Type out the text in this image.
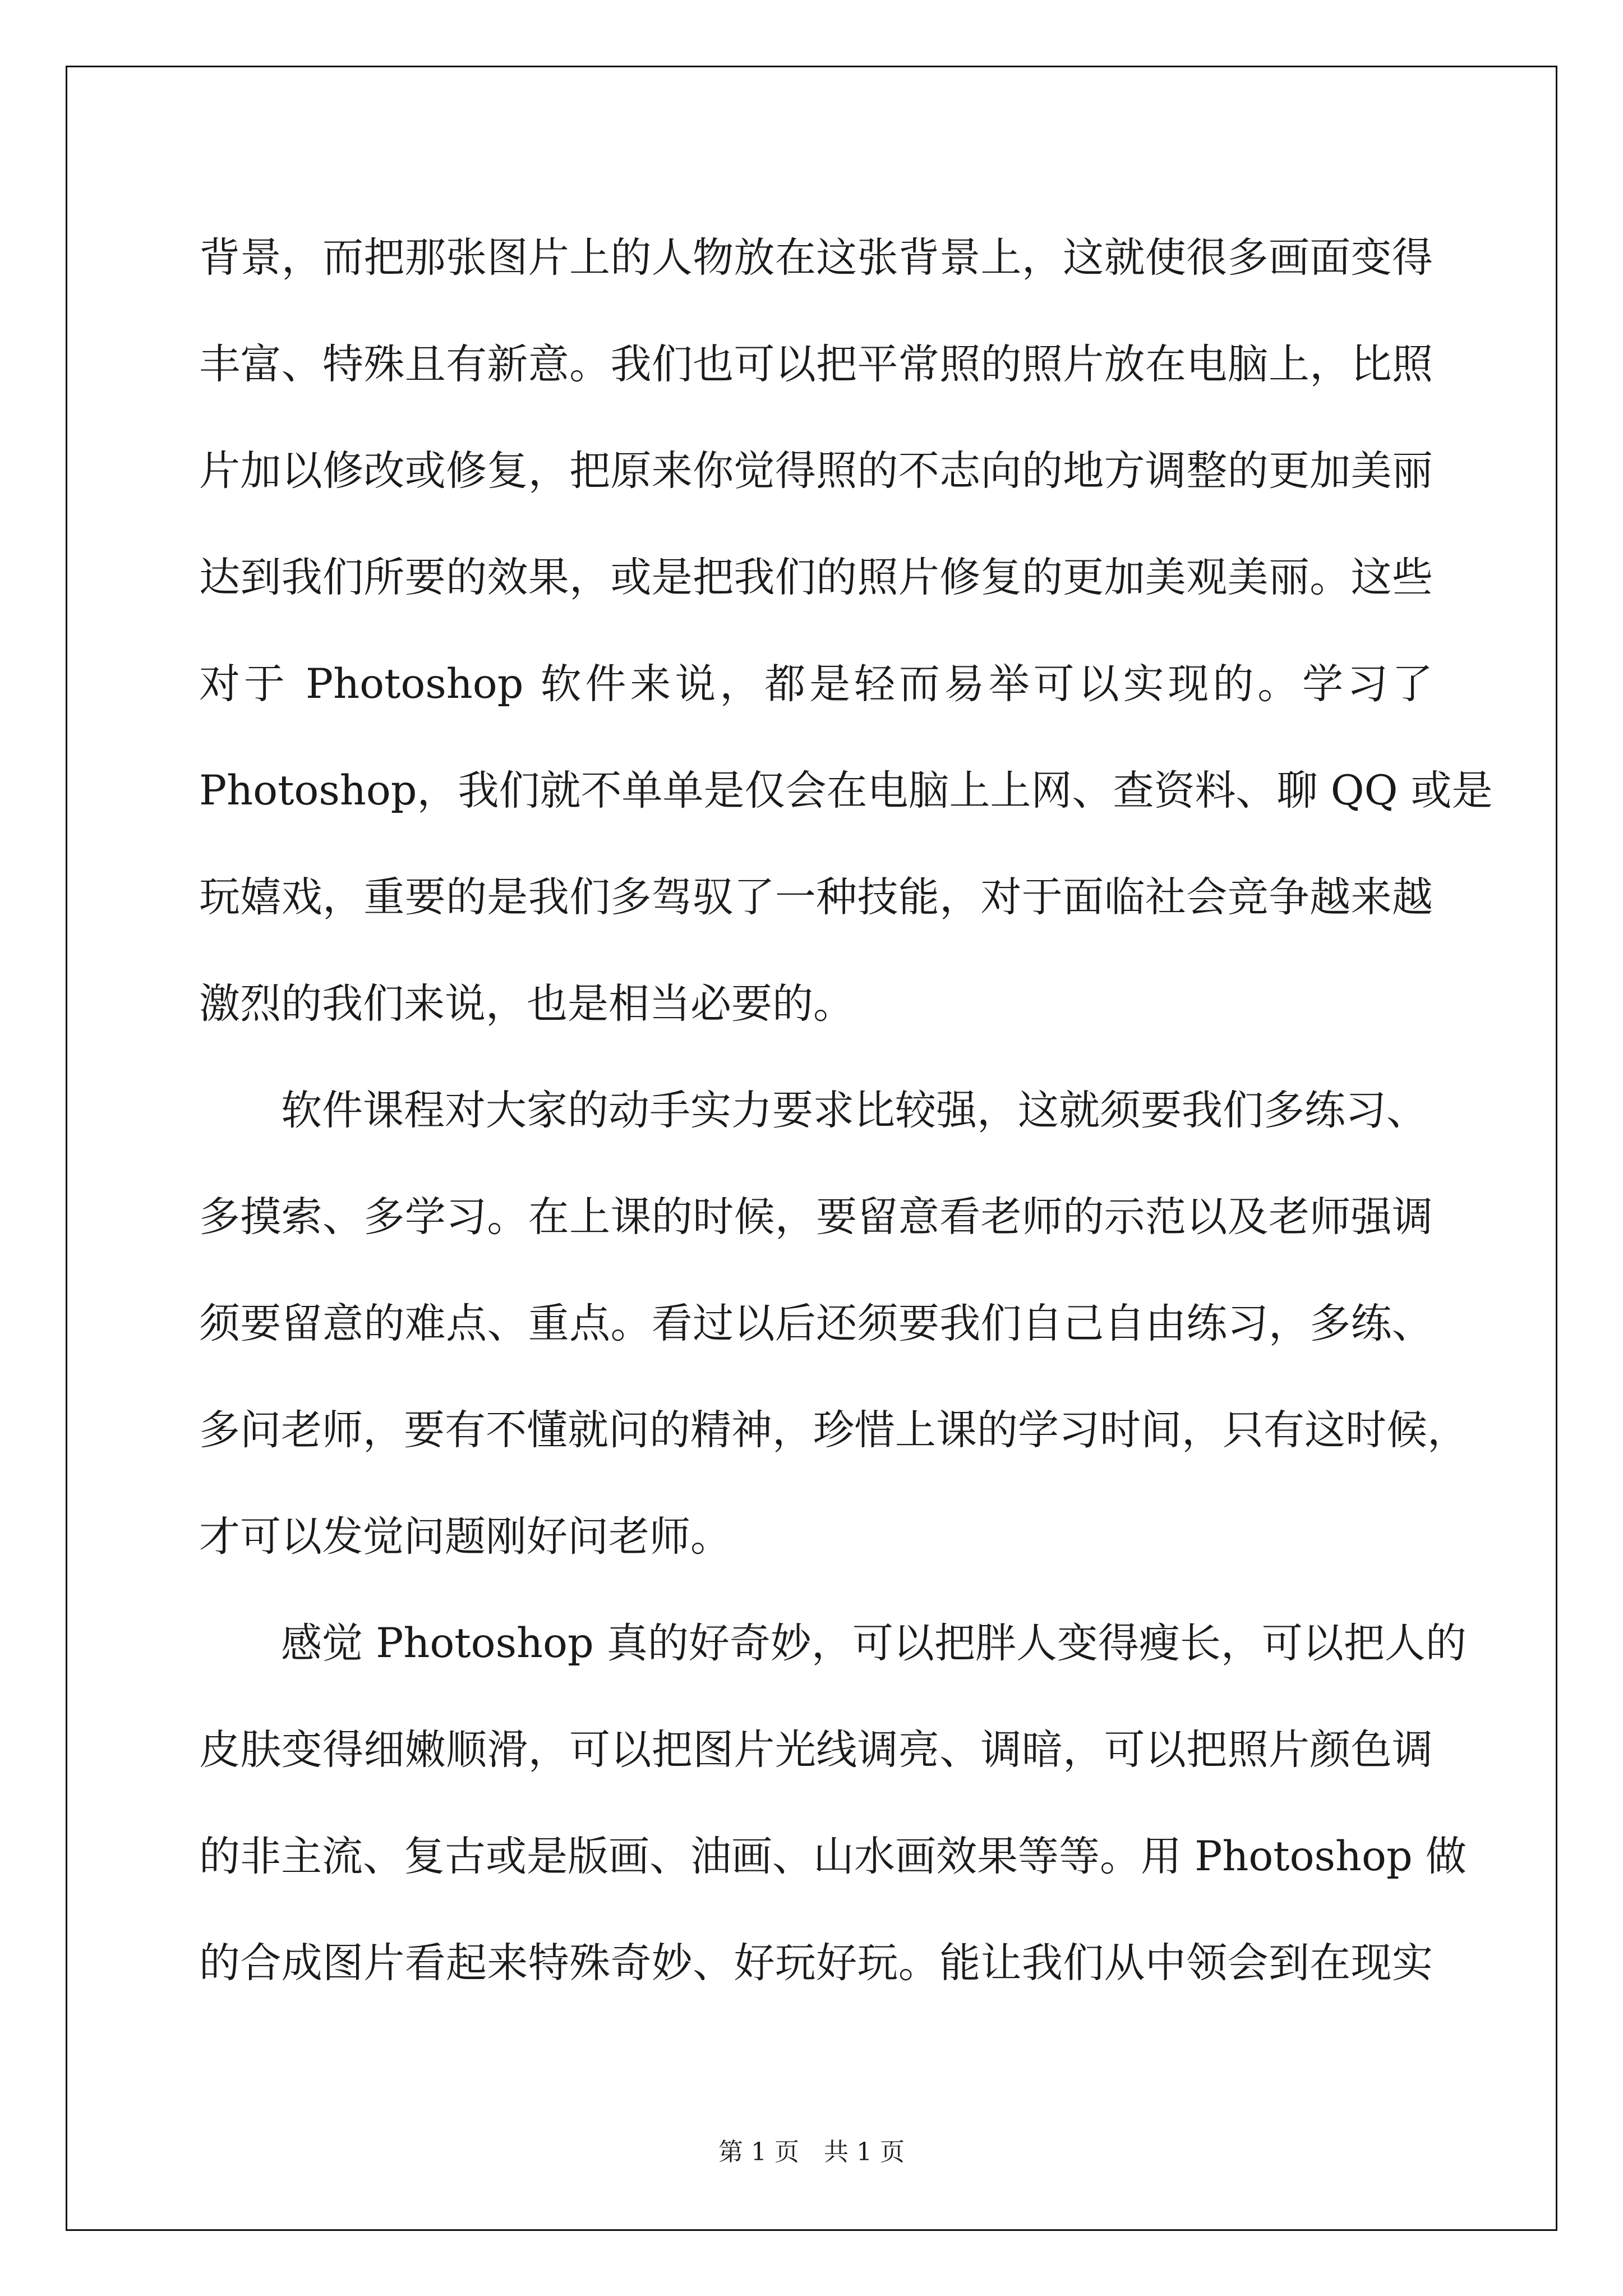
背景，而把那张图片上的人物放在这张背景上，这就使很多画面变得
丰富、特殊且有新意。我们也可以把平常照的照片放在电脑上，比照
片加以修改或修复，把原来你觉得照的不志向的地方调整的更加美丽
达到我们所要的效果，或是把我们的照片修复的更加美观美丽。这些
对于 Photoshop 软件来说，都是轻而易举可以实现的。学习了
Photoshop，我们就不单单是仅会在电脑上上网、查资料、聊 QQ 或是
玩嬉戏，重要的是我们多驾驭了一种技能，对于面临社会竞争越来越
激烈的我们来说，也是相当必要的。
软件课程对大家的动手实力要求比较强，这就须要我们多练习、
多摸索、多学习。在上课的时候，要留意看老师的示范以及老师强调
须要留意的难点、重点。看过以后还须要我们自己自由练习，多练、
多问老师，要有不懂就问的精神，珍惜上课的学习时间，只有这时候，
才可以发觉问题刚好问老师。
感觉 Photoshop 真的好奇妙，可以把胖人变得瘦长，可以把人的
皮肤变得细嫩顺滑，可以把图片光线调亮、调暗，可以把照片颜色调
的非主流、复古或是版画、油画、山水画效果等等。用 Photoshop 做
的合成图片看起来特殊奇妙、好玩好玩。能让我们从中领会到在现实
第 1 页　共 1 页
